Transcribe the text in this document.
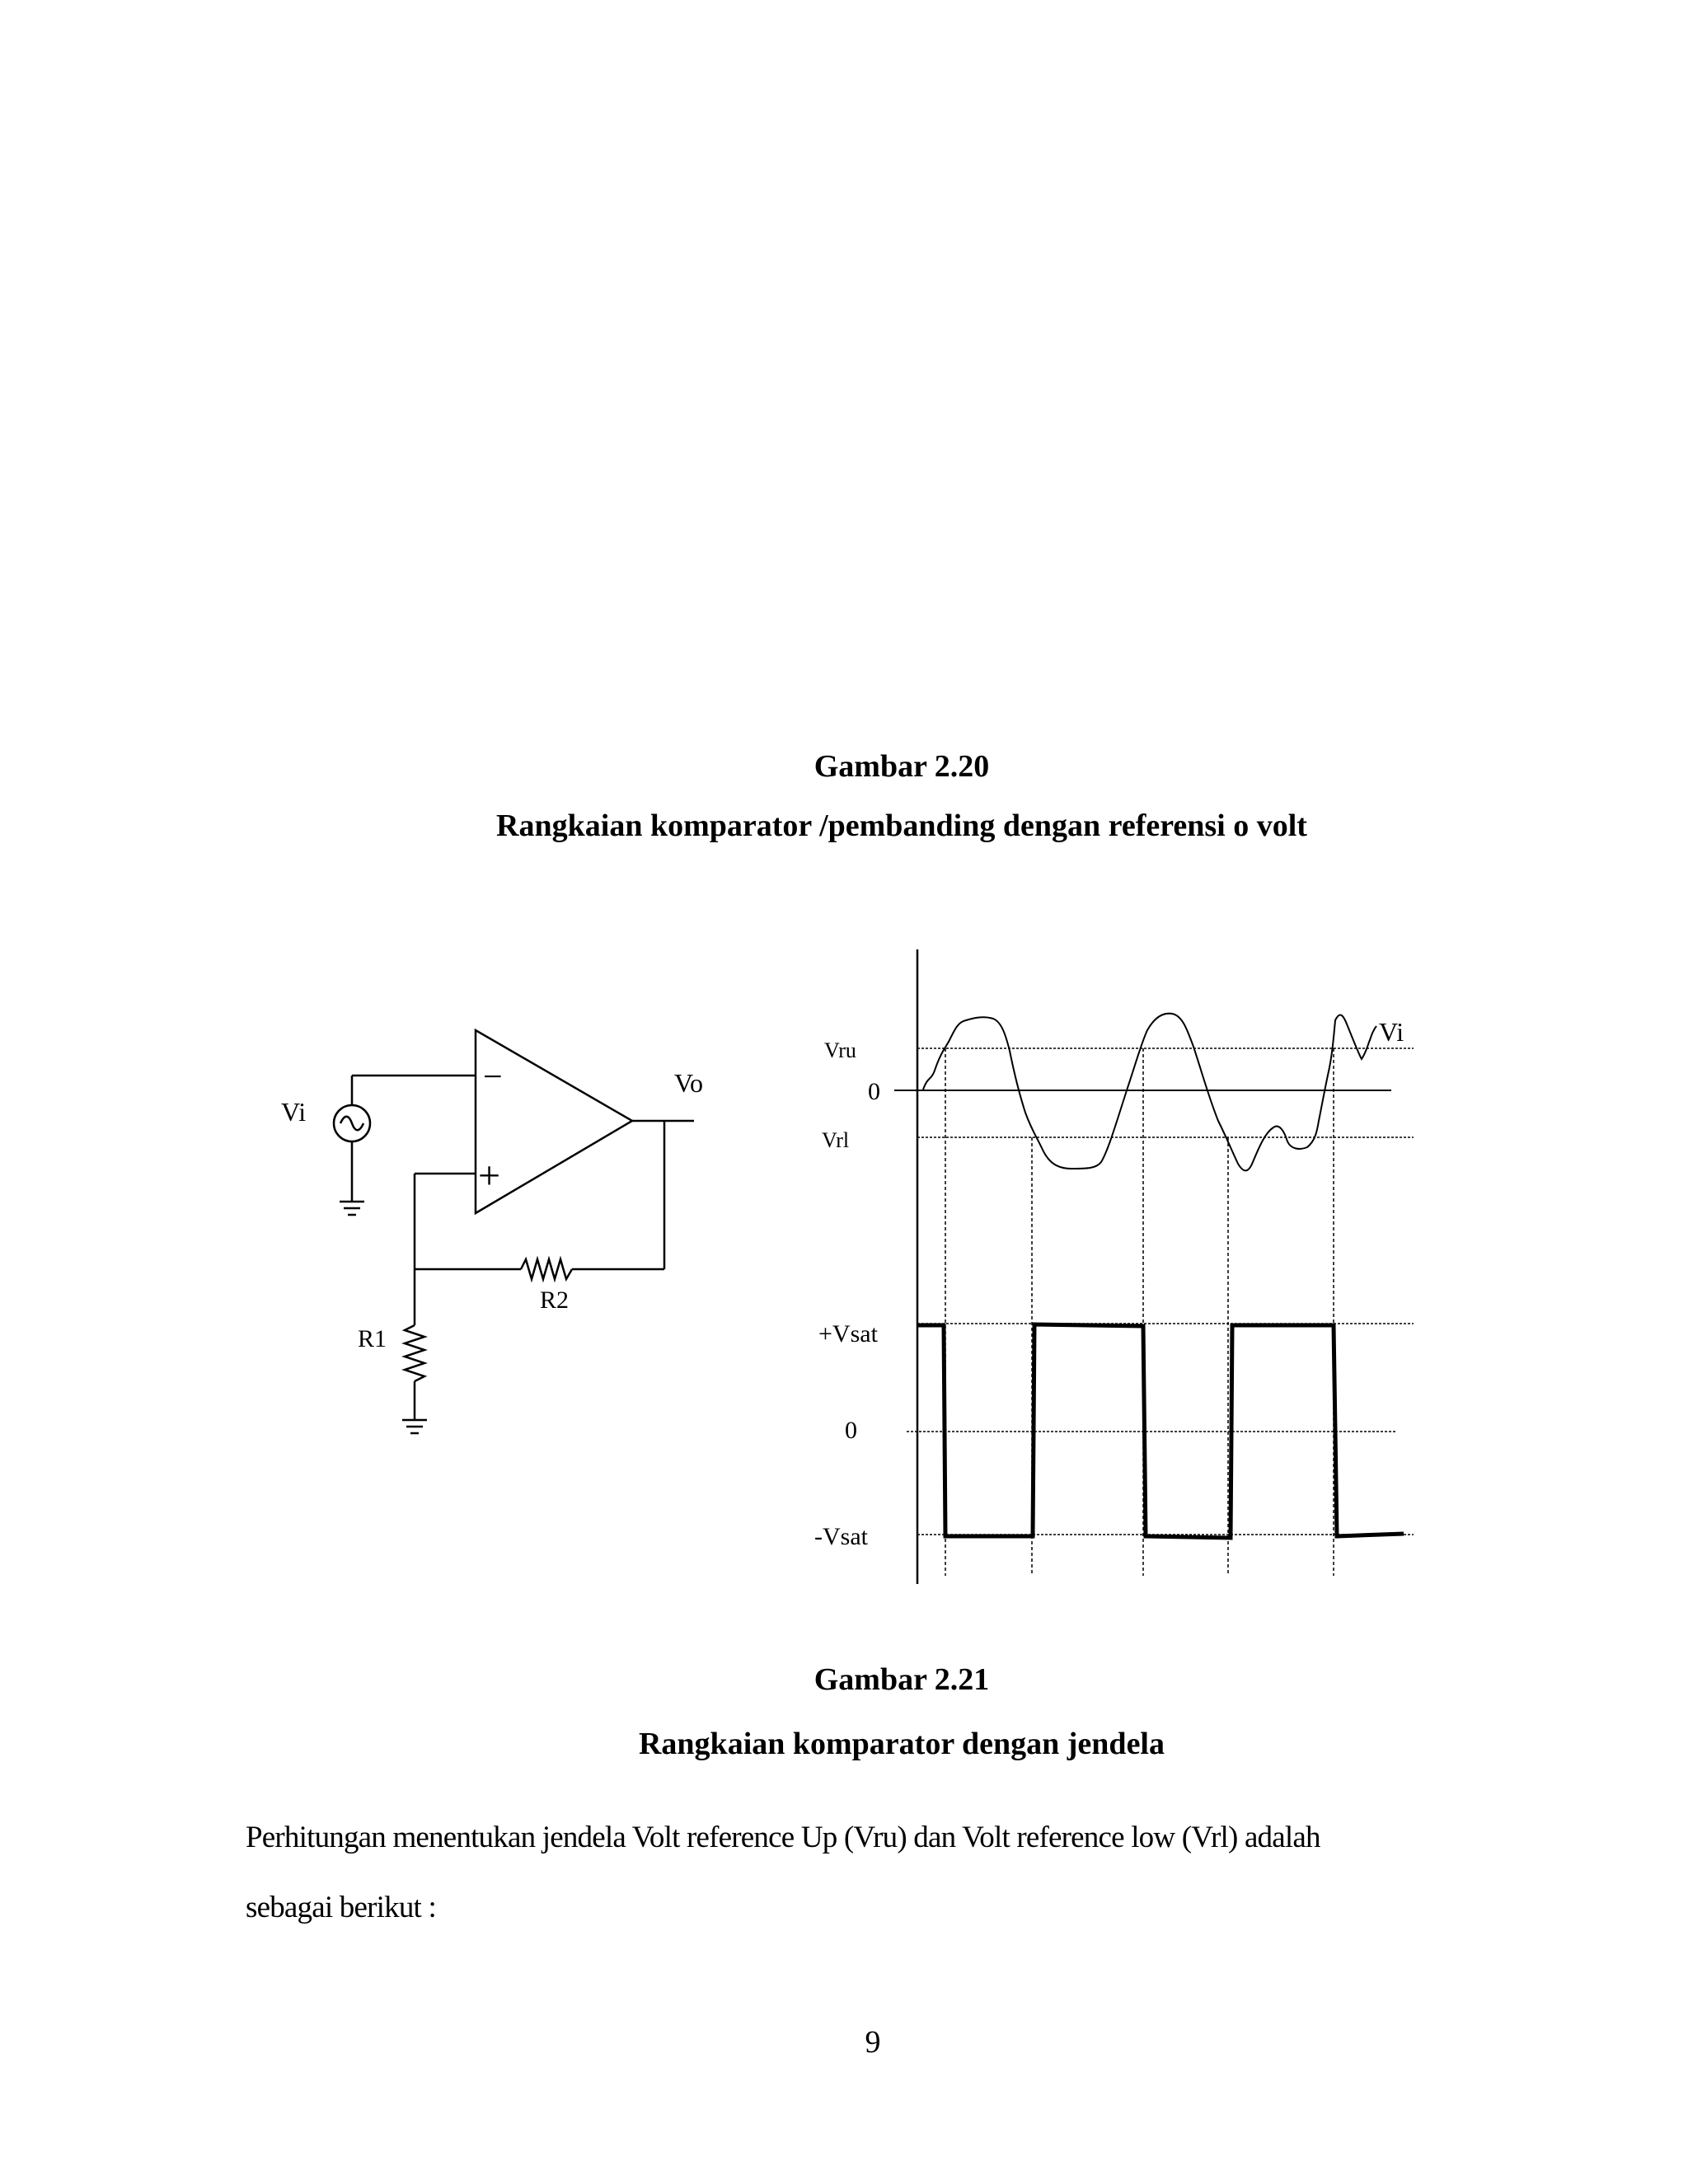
Gambar 2.20
Rangkaian komparator /pembanding dengan referensi o volt
−
+
Vi
Vo
R2
R1
Vru
0
Vrl
Vi
+Vsat
0
-Vsat
Gambar 2.21
Rangkaian komparator dengan jendela
Perhitungan menentukan jendela Volt reference Up (Vru) dan Volt reference low (Vrl) adalah
sebagai berikut :
9
